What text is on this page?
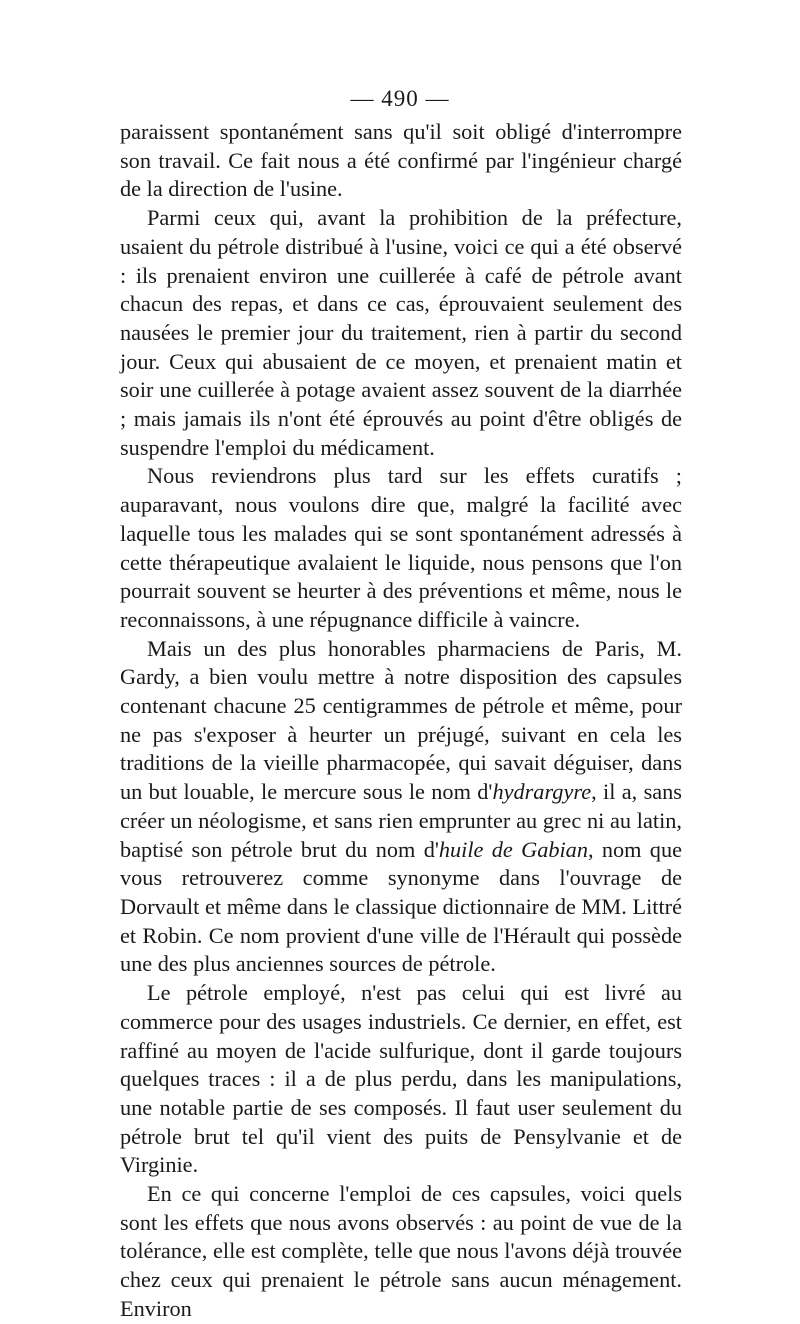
— 490 —

paraissent spontanément sans qu'il soit obligé d'interrompre son travail. Ce fait nous a été confirmé par l'ingénieur chargé de la direction de l'usine.

Parmi ceux qui, avant la prohibition de la préfecture, usaient du pétrole distribué à l'usine, voici ce qui a été observé : ils prenaient environ une cuillerée à café de pétrole avant chacun des repas, et dans ce cas, éprouvaient seulement des nausées le premier jour du traitement, rien à partir du second jour. Ceux qui abusaient de ce moyen, et prenaient matin et soir une cuillerée à potage avaient assez souvent de la diarrhée ; mais jamais ils n'ont été éprouvés au point d'être obligés de suspendre l'emploi du médicament.

Nous reviendrons plus tard sur les effets curatifs ; auparavant, nous voulons dire que, malgré la facilité avec laquelle tous les malades qui se sont spontanément adressés à cette thérapeutique avalaient le liquide, nous pensons que l'on pourrait souvent se heurter à des préventions et même, nous le reconnaissons, à une répugnance difficile à vaincre.

Mais un des plus honorables pharmaciens de Paris, M. Gardy, a bien voulu mettre à notre disposition des capsules contenant chacune 25 centigrammes de pétrole et même, pour ne pas s'exposer à heurter un préjugé, suivant en cela les traditions de la vieille pharmacopée, qui savait déguiser, dans un but louable, le mercure sous le nom d'hydrargyre, il a, sans créer un néologisme, et sans rien emprunter au grec ni au latin, baptisé son pétrole brut du nom d'huile de Gabian, nom que vous retrouverez comme synonyme dans l'ouvrage de Dorvault et même dans le classique dictionnaire de MM. Littré et Robin. Ce nom provient d'une ville de l'Hérault qui possède une des plus anciennes sources de pétrole.

Le pétrole employé, n'est pas celui qui est livré au commerce pour des usages industriels. Ce dernier, en effet, est raffiné au moyen de l'acide sulfurique, dont il garde toujours quelques traces : il a de plus perdu, dans les manipulations, une notable partie de ses composés. Il faut user seulement du pétrole brut tel qu'il vient des puits de Pensylvanie et de Virginie.

En ce qui concerne l'emploi de ces capsules, voici quels sont les effets que nous avons observés : au point de vue de la tolérance, elle est complète, telle que nous l'avons déjà trouvée chez ceux qui prenaient le pétrole sans aucun ménagement. Environ
